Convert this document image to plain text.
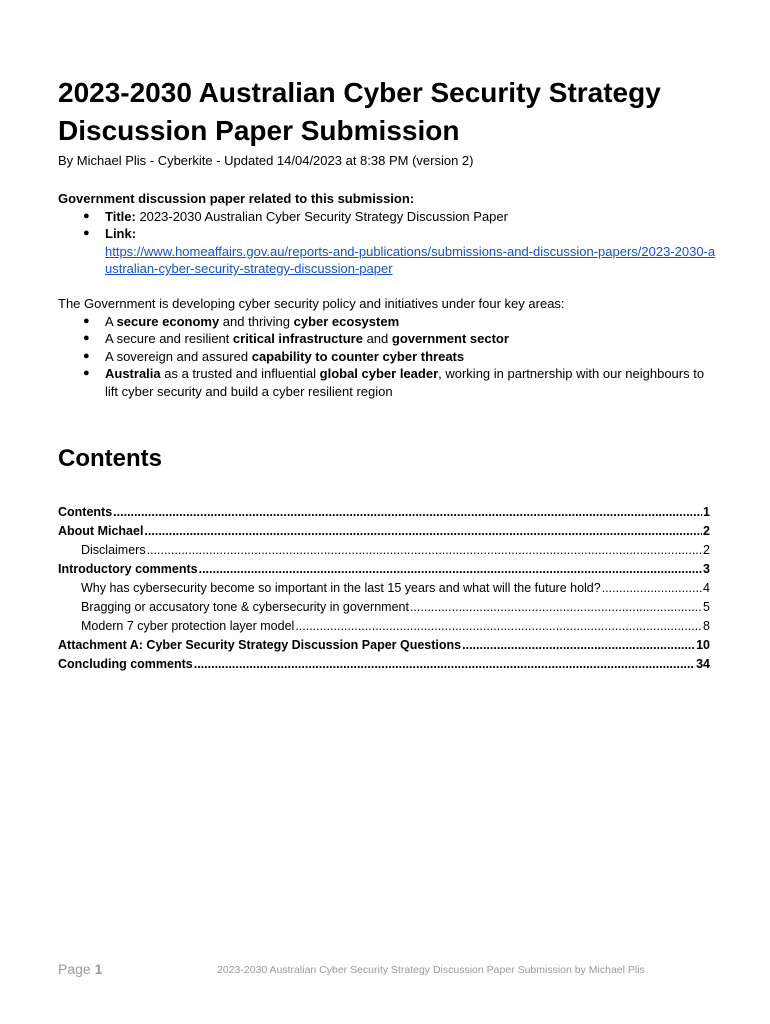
2023-2030 Australian Cyber Security Strategy Discussion Paper Submission
By Michael Plis - Cyberkite - Updated 14/04/2023 at 8:38 PM (version 2)

Government discussion paper related to this submission:

● Title: 2023-2030 Australian Cyber Security Strategy Discussion Paper
● Link:
https://www.homeaffairs.gov.au/reports-and-publications/submissions-and-discussion-papers/2023-2030-australian-cyber-security-strategy-discussion-paper

The Government is developing cyber security policy and initiatives under four key areas:

● A secure economy and thriving cyber ecosystem
● A secure and resilient critical infrastructure and government sector
● A sovereign and assured capability to counter cyber threats
● Australia as a trusted and influential global cyber leader, working in partnership with our neighbours to lift cyber security and build a cyber resilient region
Contents
Contents .....	1
About Michael .....	2
Disclaimers .....	2
Introductory comments .....	3
Why has cybersecurity become so important in the last 15 years and what will the future hold? .....	4
Bragging or accusatory tone & cybersecurity in government .....	5
Modern 7 cyber protection layer model .....	8
Attachment A: Cyber Security Strategy Discussion Paper Questions .....	10
Concluding comments .....	34
Page 1	2023-2030 Australian Cyber Security Strategy Discussion Paper Submission by Michael Plis
